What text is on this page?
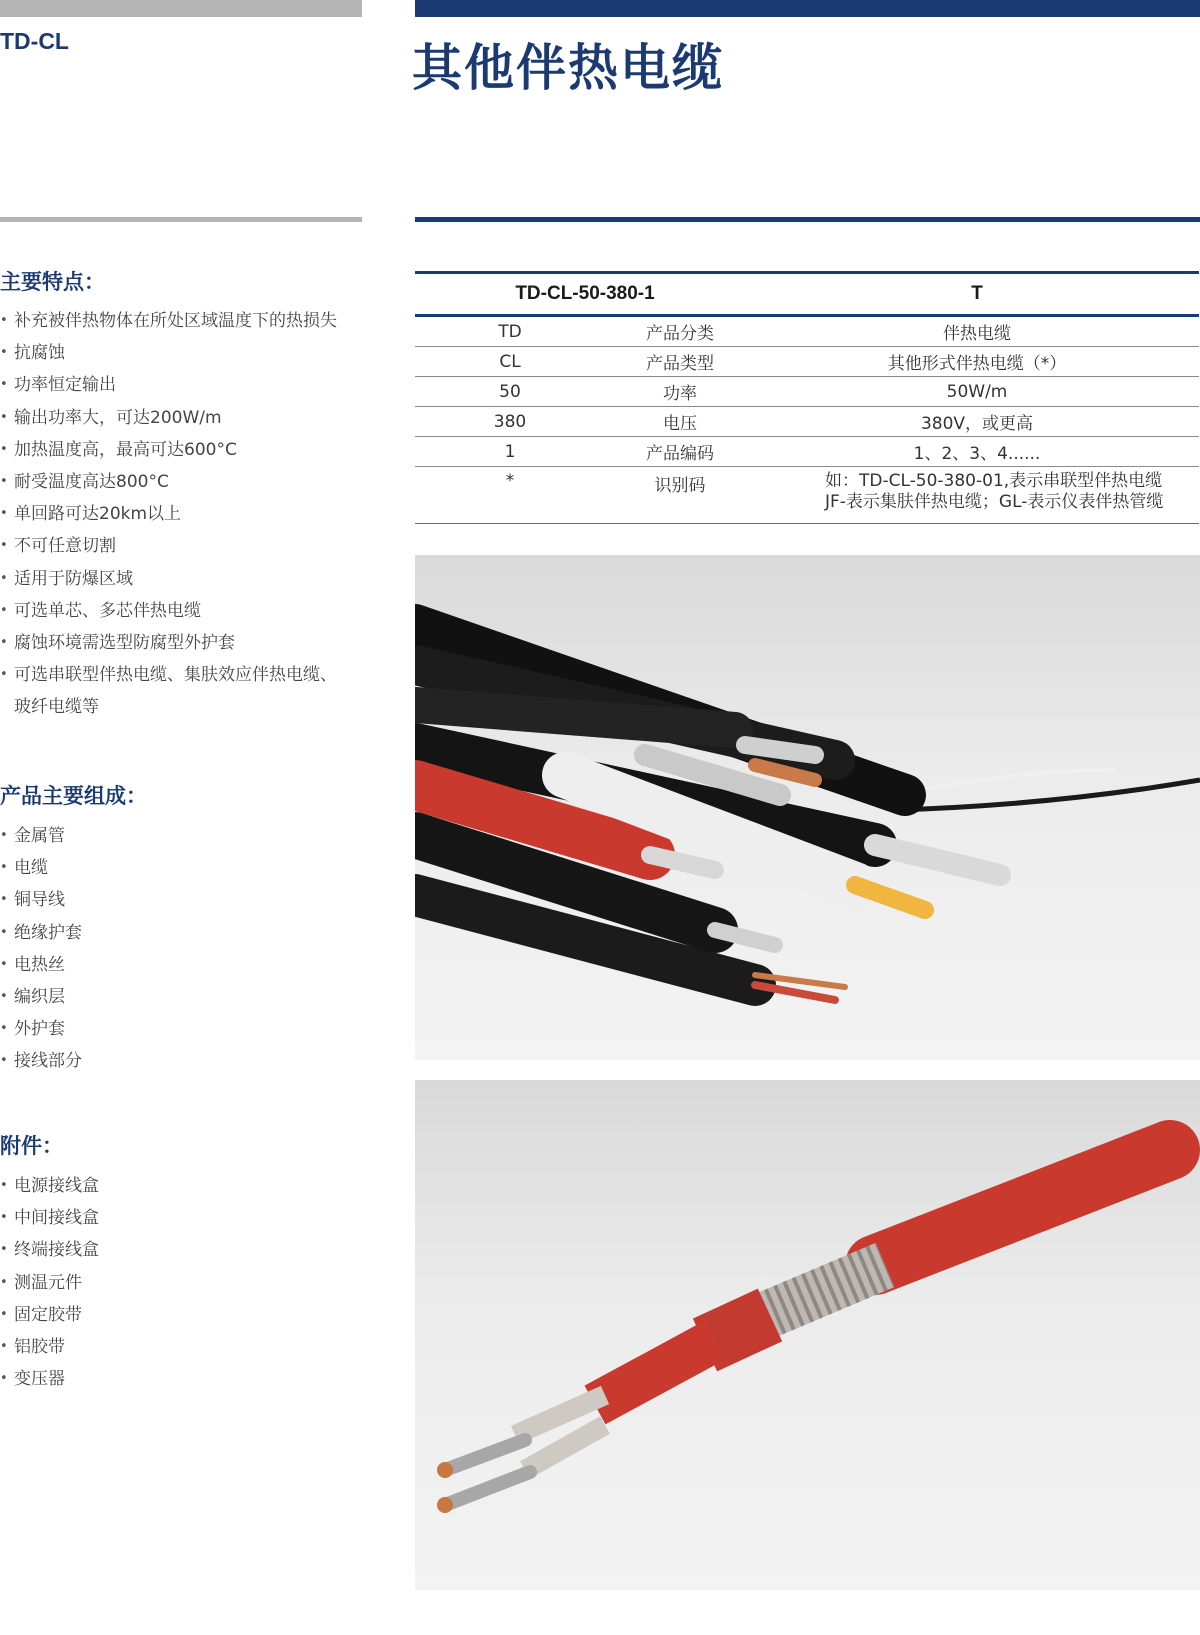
TD-CL	其他伴热电缆
主要特点：
• 补充被伴热物体在所处区域温度下的热损失
• 抗腐蚀
• 功率恒定输出
• 输出功率大，可达200W/m
• 加热温度高，最高可达600°C
• 耐受温度高达800°C
• 单回路可达20km以上
• 不可任意切割
• 适用于防爆区域
• 可选单芯、多芯伴热电缆
• 腐蚀环境需选型防腐型外护套
• 可选串联型伴热电缆、集肤效应伴热电缆、
玻纤电缆等
产品主要组成：
• 金属管
• 电缆
• 铜导线
• 绝缘护套
• 电热丝
• 编织层
• 外护套
• 接线部分
附件：
• 电源接线盒
• 中间接线盒
• 终端接线盒
• 测温元件
• 固定胶带
• 铝胶带
• 变压器
TD-CL-50-380-1		T
TD	产品分类	伴热电缆
CL	产品类型	其他形式伴热电缆（*）
50	功率	50W/m
380	电压	380V，或更高
1	产品编码	1、2、3、4......
*	识别码	如：TD-CL-50-380-01,表示串联型伴热电缆
JF-表示集肤伴热电缆；GL-表示仪表伴热管缆
